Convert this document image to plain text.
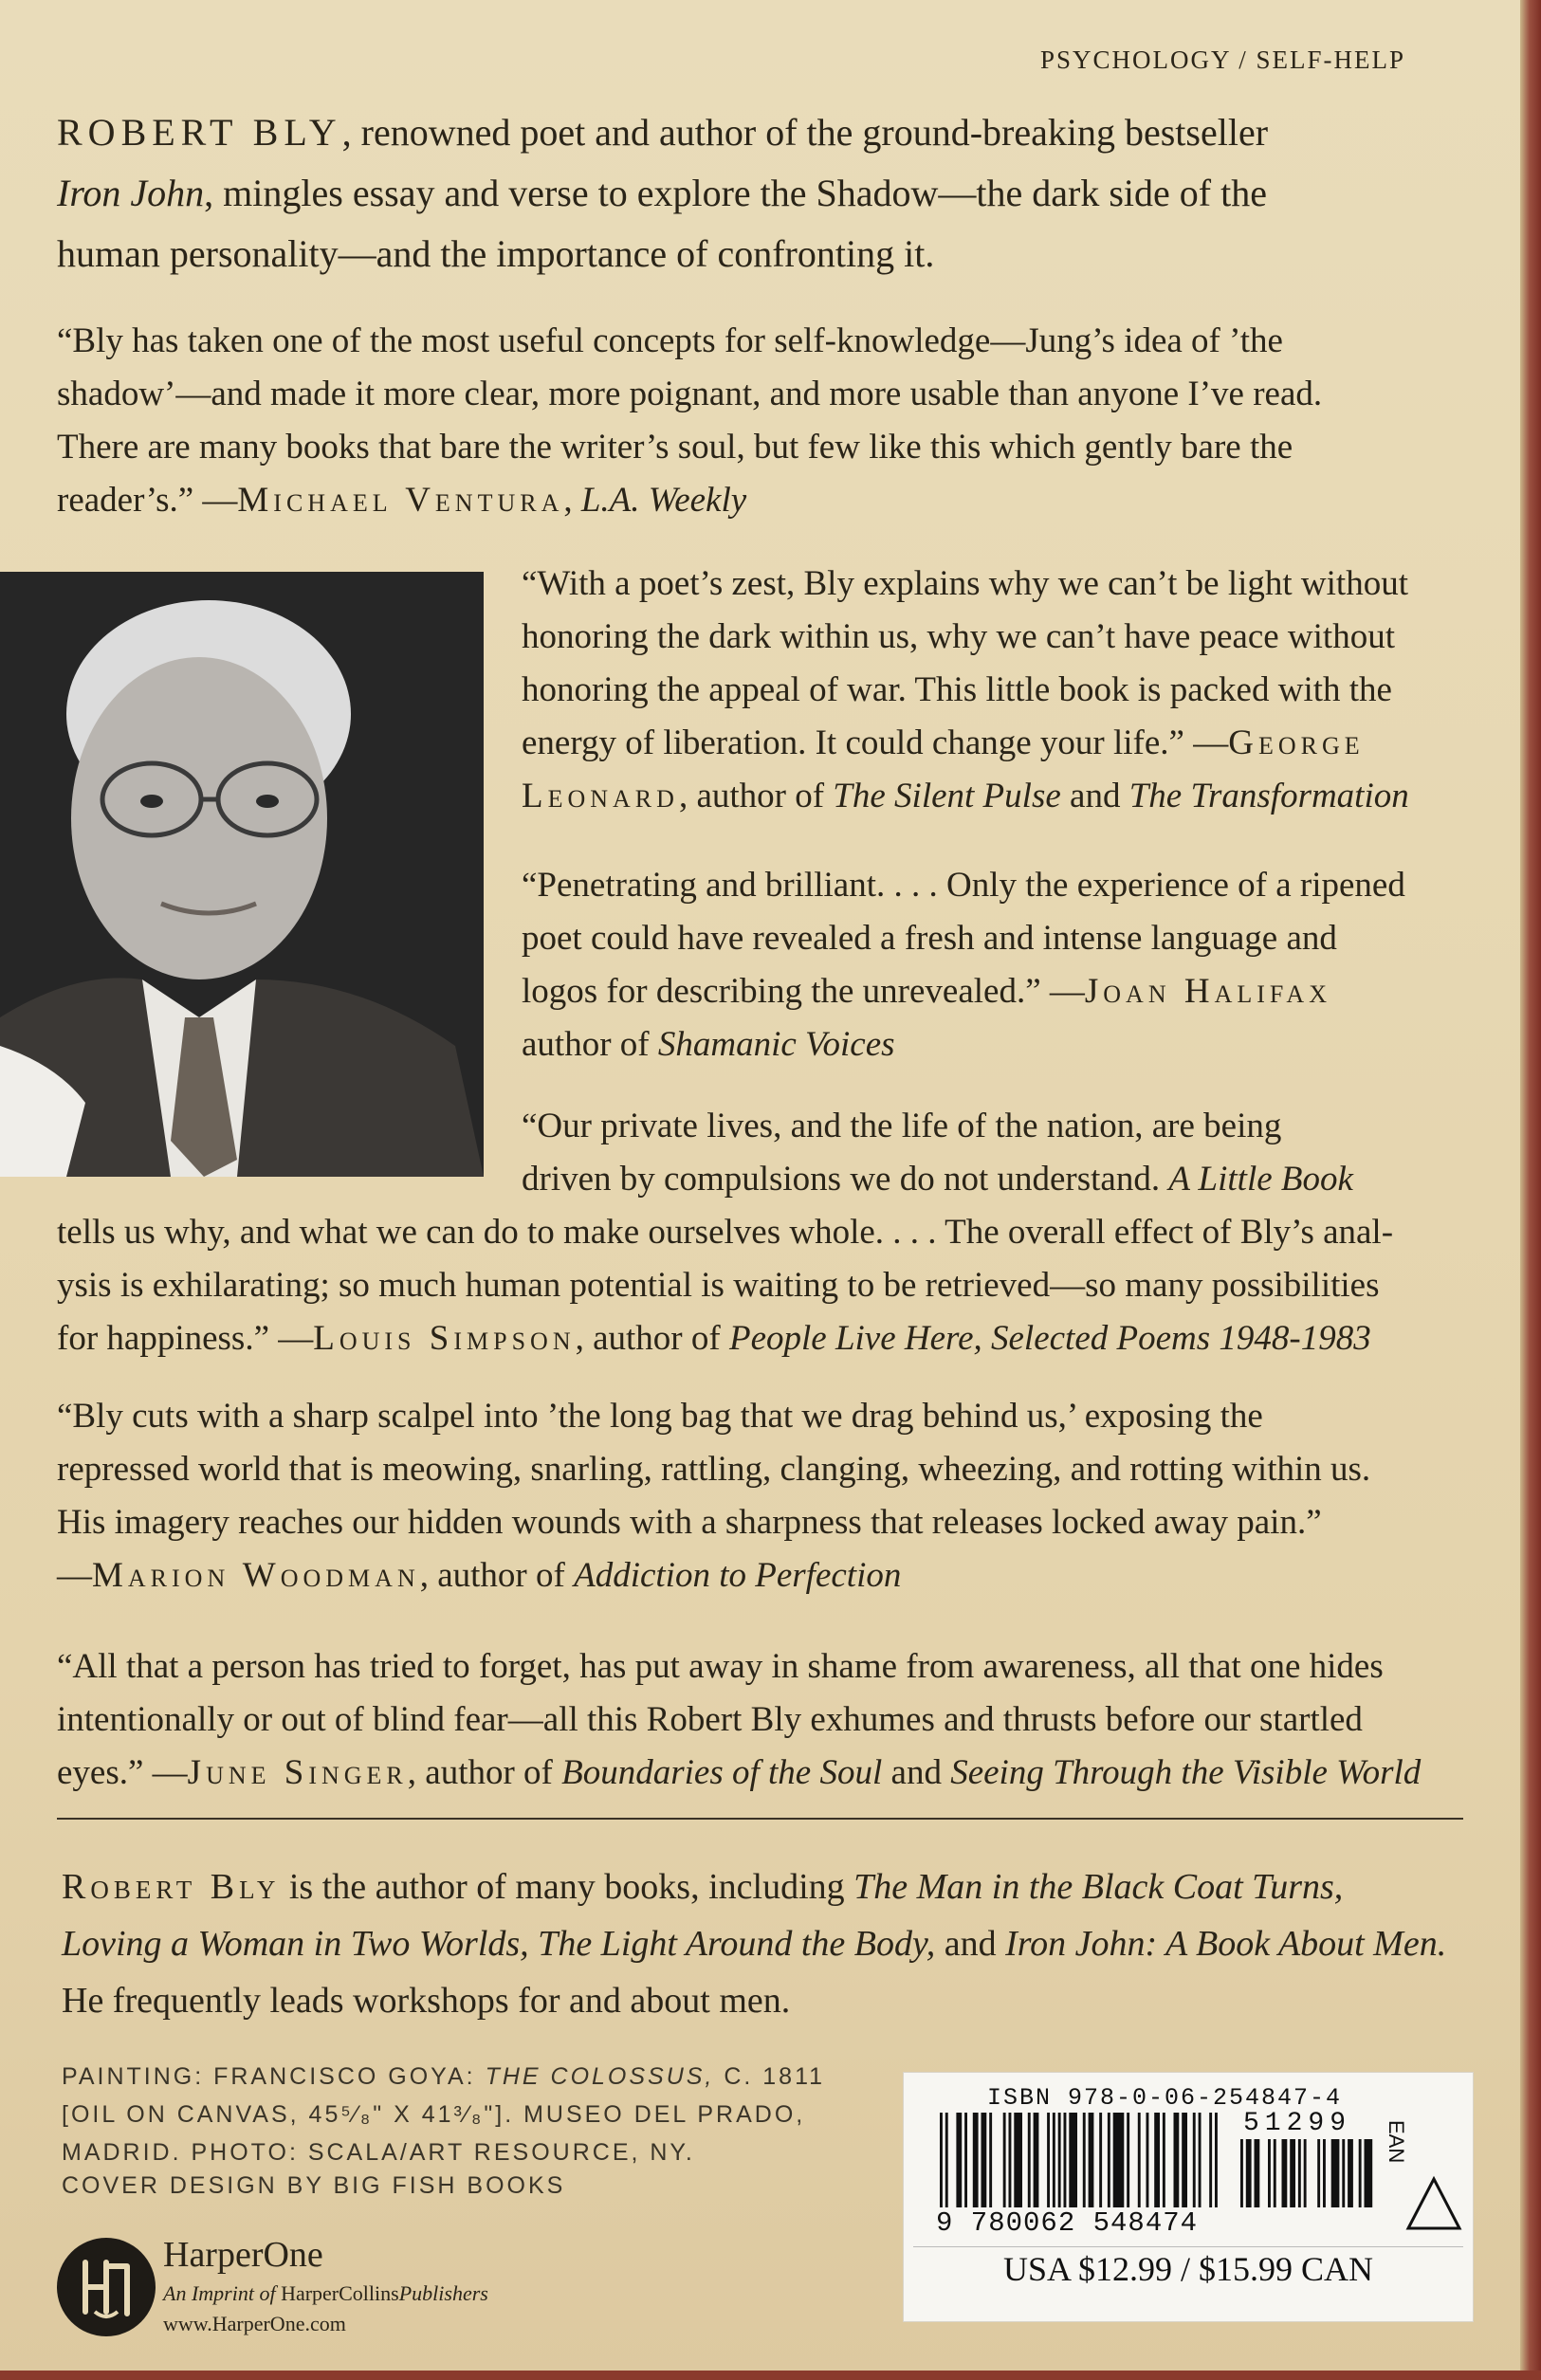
PSYCHOLOGY / SELF-HELP
ROBERT BLY, renowned poet and author of the ground-breaking bestseller
Iron John, mingles essay and verse to explore the Shadow—the dark side of the
human personality—and the importance of confronting it.
“Bly has taken one of the most useful concepts for self-knowledge—Jung’s idea of ’the
shadow’—and made it more clear, more poignant, and more usable than anyone I’ve read.
There are many books that bare the writer’s soul, but few like this which gently bare the
reader’s.” —Michael Ventura, L.A. Weekly
“With a poet’s zest, Bly explains why we can’t be light without
honoring the dark within us, why we can’t have peace without
honoring the appeal of war. This little book is packed with the
energy of liberation. It could change your life.” —George
Leonard, author of The Silent Pulse and The Transformation
“Penetrating and brilliant. . . . Only the experience of a ripened
poet could have revealed a fresh and intense language and
logos for describing the unrevealed.” —Joan Halifax
author of Shamanic Voices
“Our private lives, and the life of the nation, are being
driven by compulsions we do not understand. A Little Book
tells us why, and what we can do to make ourselves whole. . . . The overall effect of Bly’s anal-
ysis is exhilarating; so much human potential is waiting to be retrieved—so many possibilities
for happiness.” —Louis Simpson, author of People Live Here, Selected Poems 1948-1983
“Bly cuts with a sharp scalpel into ’the long bag that we drag behind us,’ exposing the
repressed world that is meowing, snarling, rattling, clanging, wheezing, and rotting within us.
His imagery reaches our hidden wounds with a sharpness that releases locked away pain.”
—Marion Woodman, author of Addiction to Perfection
“All that a person has tried to forget, has put away in shame from awareness, all that one hides
intentionally or out of blind fear—all this Robert Bly exhumes and thrusts before our startled
eyes.” —June Singer, author of Boundaries of the Soul and Seeing Through the Visible World
Robert Bly is the author of many books, including The Man in the Black Coat Turns,
Loving a Woman in Two Worlds, The Light Around the Body, and Iron John: A Book About Men.
He frequently leads workshops for and about men.
PAINTING: FRANCISCO GOYA: THE COLOSSUS, C. 1811
[OIL ON CANVAS, 45⁵⁄₈" X 41³⁄₈"]. MUSEO DEL PRADO,
MADRID. PHOTO: SCALA/ART RESOURCE, NY.
COVER DESIGN BY BIG FISH BOOKS
HarperOne
An Imprint of HarperCollinsPublishers
www.HarperOne.com
ISBN 978-0-06-254847-4
51299 EAN
9 780062 548474
USA $12.99 / $15.99 CAN
